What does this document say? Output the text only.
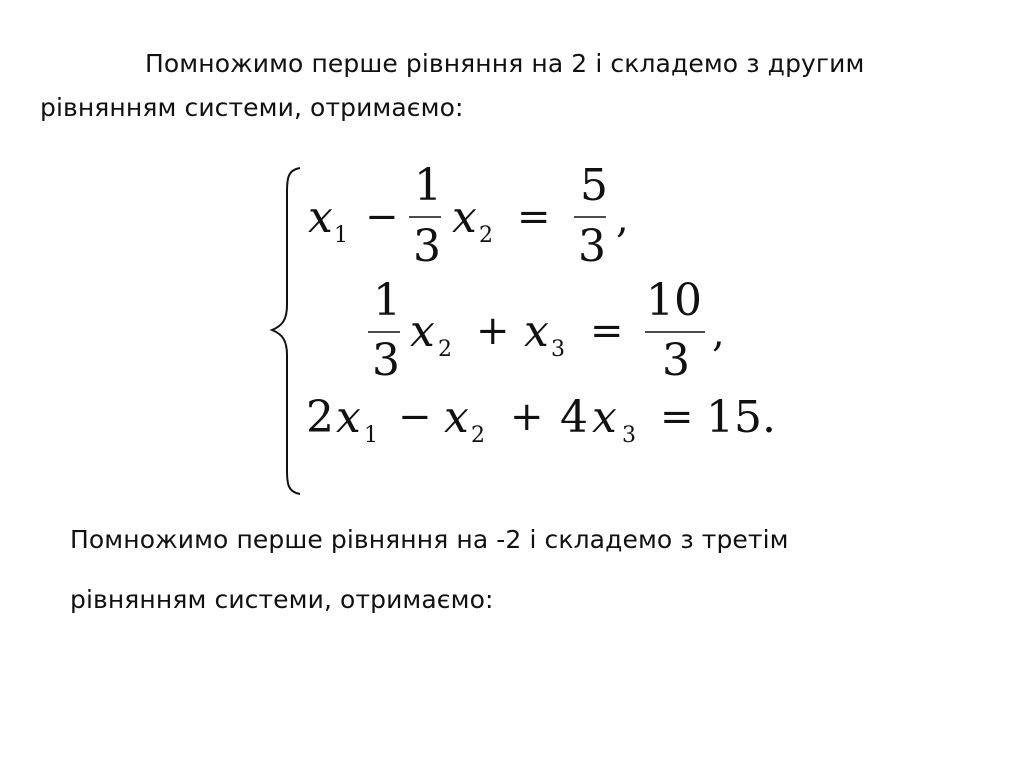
Помножимо перше рівняння на 2 і складемо з другим
рівнянням системи, отримаємо:
x 1 −
1
3
x 2 =
5
3
,
1
3
x 2 + x 3 =
10
3
,
2 x 1 − x 2 + 4 x 3 = 15.
Помножимо перше рівняння на -2 і складемо з третім
рівнянням системи, отримаємо:
